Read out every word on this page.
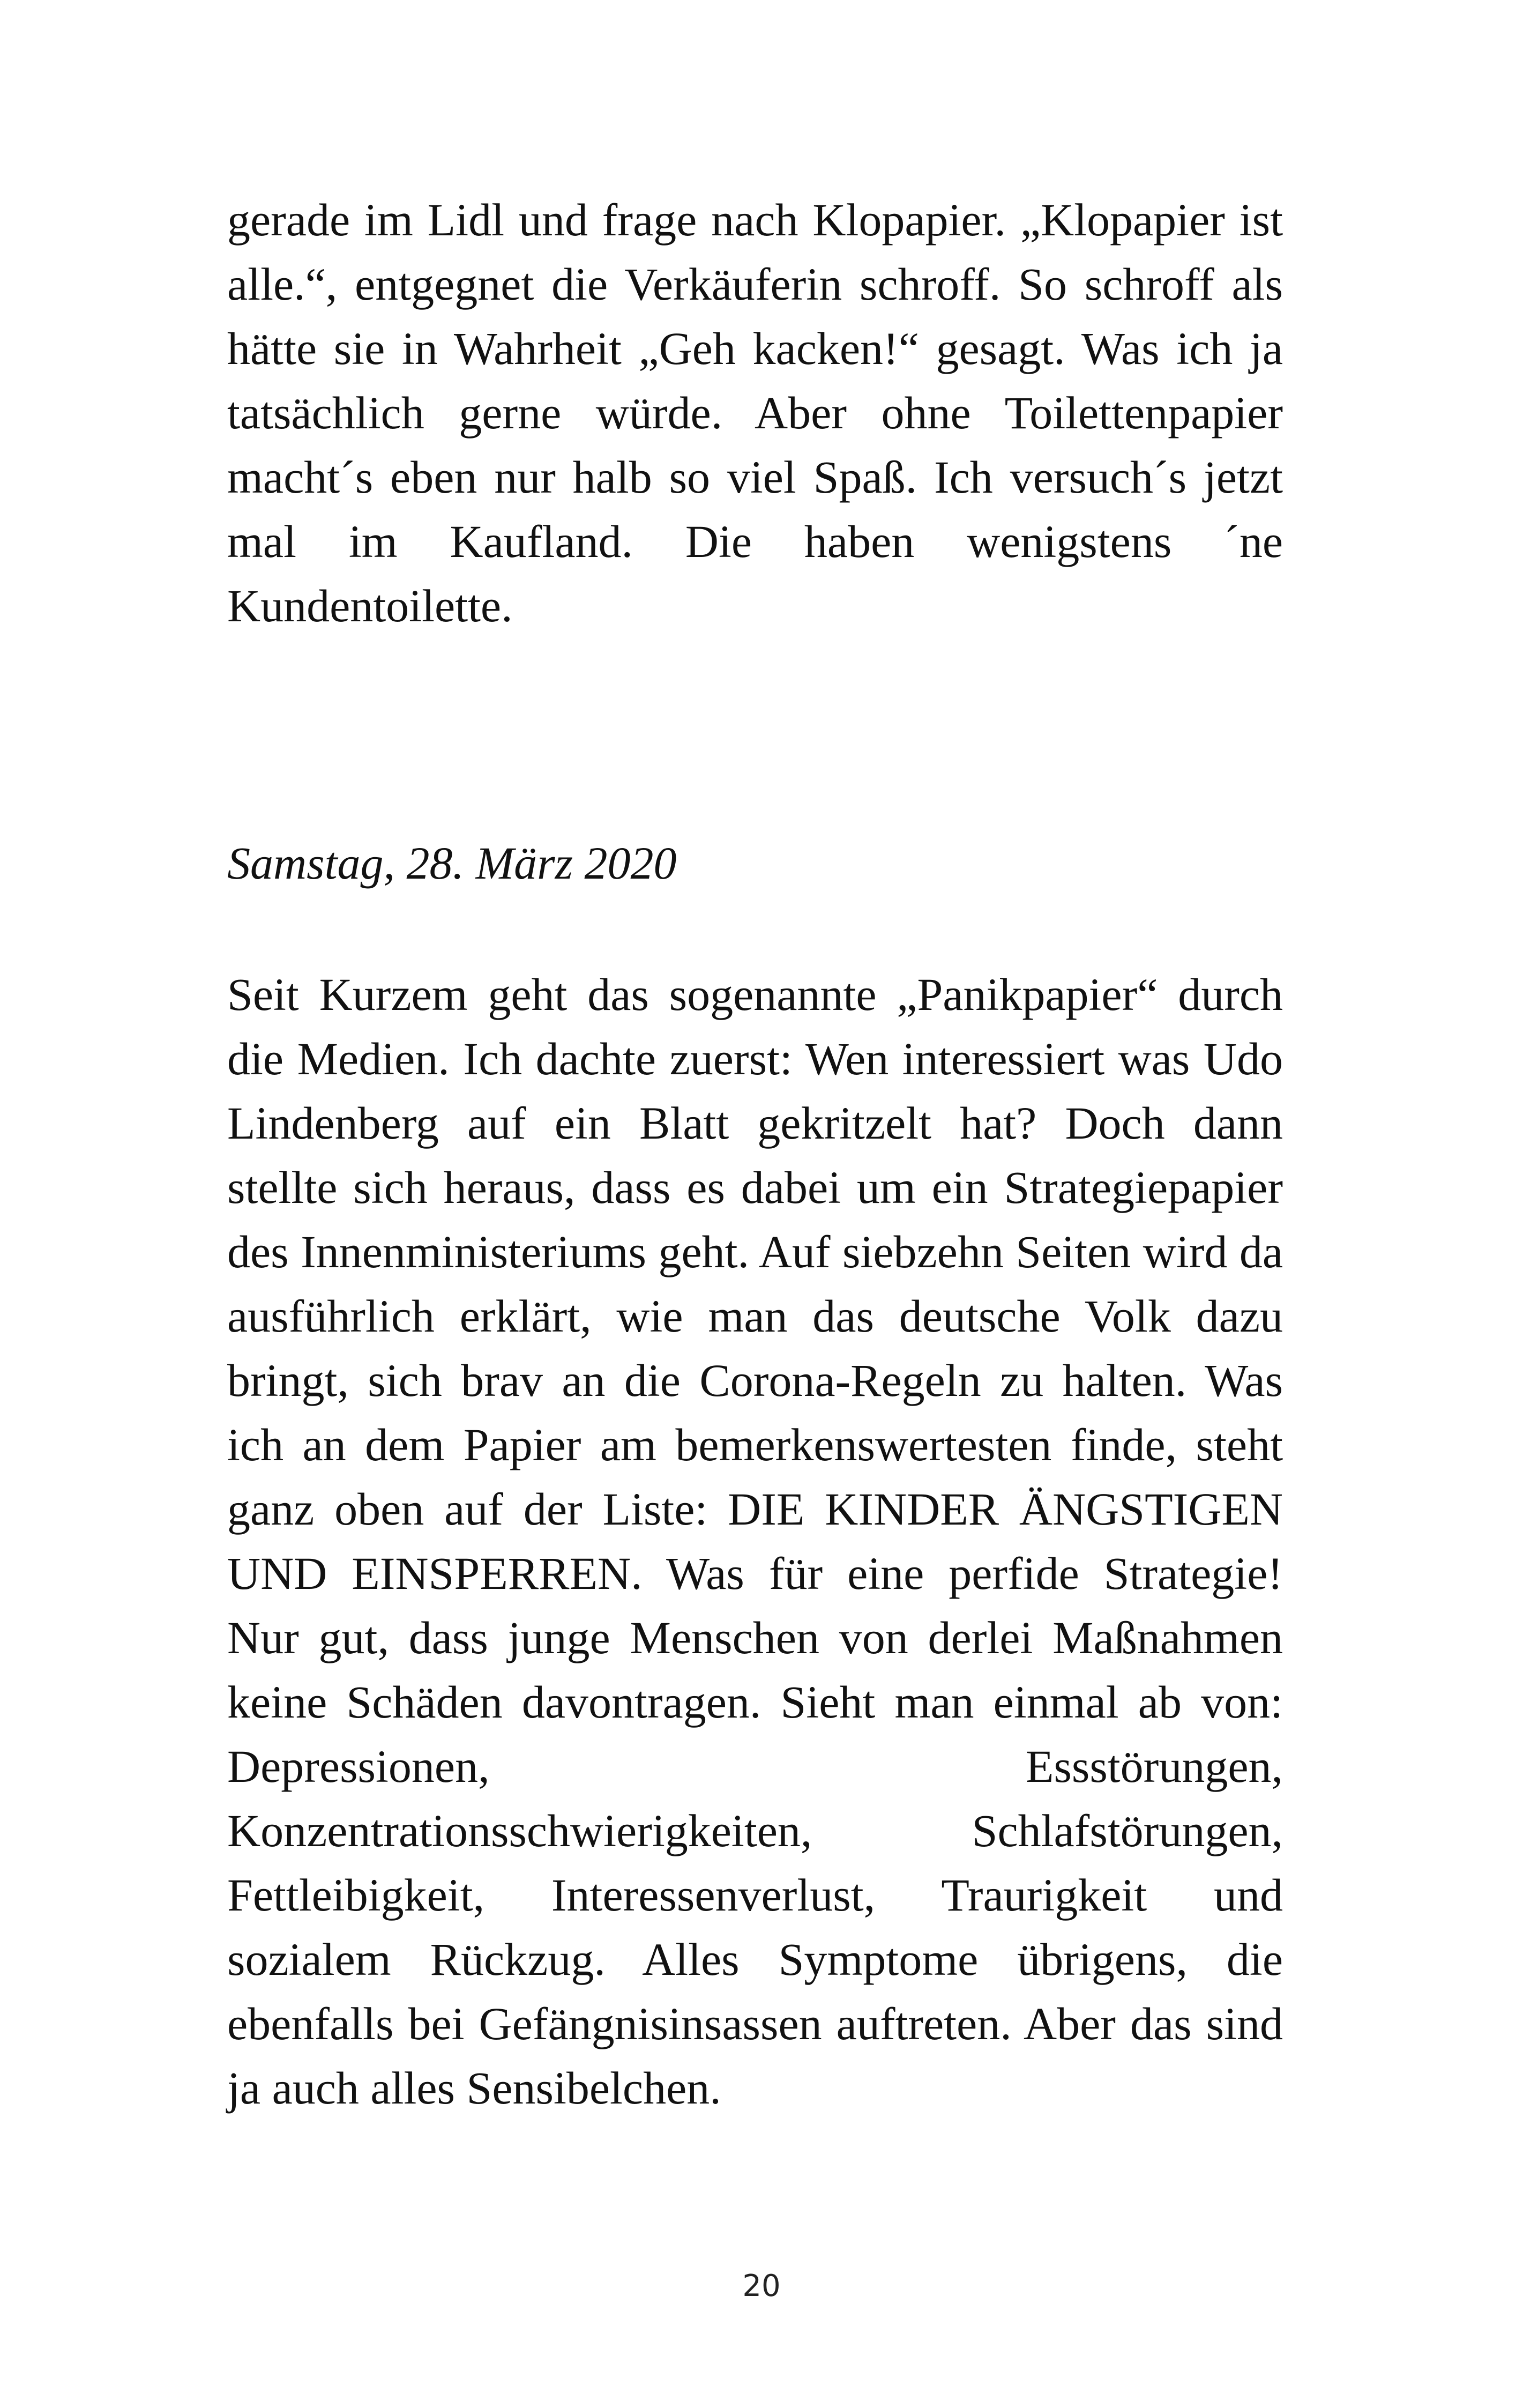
gerade im Lidl und frage nach Klopapier. „Klopapier ist alle.“, entgegnet die Verkäuferin schroff. So schroff als hätte sie in Wahrheit „Geh kacken!“ gesagt. Was ich ja tatsächlich gerne würde. Aber ohne Toilettenpapier macht´s eben nur halb so viel Spaß. Ich versuch´s jetzt mal im Kaufland. Die haben wenigstens ´ne Kundentoilette.

Samstag, 28. März 2020

Seit Kurzem geht das sogenannte „Panikpapier“ durch die Medien. Ich dachte zuerst: Wen interessiert was Udo Lindenberg auf ein Blatt gekritzelt hat? Doch dann stellte sich heraus, dass es dabei um ein Strategiepapier des Innenministeriums geht. Auf siebzehn Seiten wird da ausführlich erklärt, wie man das deutsche Volk dazu bringt, sich brav an die Corona-Regeln zu halten. Was ich an dem Papier am bemerkenswertesten finde, steht ganz oben auf der Liste: DIE KINDER ÄNGSTIGEN UND EINSPERREN. Was für eine perfide Strategie! Nur gut, dass junge Menschen von derlei Maßnahmen keine Schäden davontragen. Sieht man einmal ab von: Depressionen, Essstörungen, Konzentrationsschwierigkeiten, Schlafstörungen, Fettleibigkeit, Interessenverlust, Traurigkeit und sozialem Rückzug. Alles Symptome übrigens, die ebenfalls bei Gefängnisinsassen auftreten. Aber das sind ja auch alles Sensibelchen.

20
